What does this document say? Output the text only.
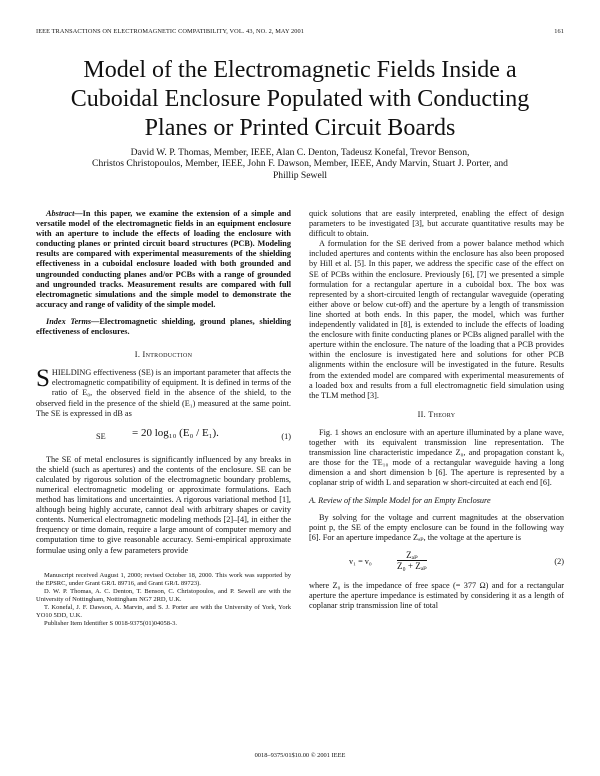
IEEE TRANSACTIONS ON ELECTROMAGNETIC COMPATIBILITY, VOL. 43, NO. 2, MAY 2001	161
Model of the Electromagnetic Fields Inside a Cuboidal Enclosure Populated with Conducting Planes or Printed Circuit Boards
David W. P. Thomas, Member, IEEE, Alan C. Denton, Tadeusz Konefal, Trevor Benson,
Christos Christopoulos, Member, IEEE, John F. Dawson, Member, IEEE, Andy Marvin, Stuart J. Porter, and
Phillip Sewell

Abstract—In this paper, we examine the extension of a simple and versatile model of the electromagnetic fields in an equipment enclosure with an aperture to include the effects of loading the enclosure with conducting planes or printed circuit board structures (PCB). Modeling results are compared with experimental measurements of the shielding effectiveness in a cuboidal enclosure loaded with both grounded and ungrounded conducting planes and/or PCBs with a range of grounded and ungrounded tracks. Measurement results are compared with full electromagnetic simulations and the simple model to demonstrate the accuracy and range of validity of the simple model.

Index Terms—Electromagnetic shielding, ground planes, shielding effectiveness of enclosures.

I. Introduction

SHIELDING effectiveness (SE) is an important parameter that affects the electromagnetic compatibility of equipment. It is defined in terms of the ratio of E₀, the observed field in the absence of the shield, to the observed field in the presence of the shield (E₁) measured at the same point. The SE is expressed in dB as

SE = 20 log₁₀ (E₀ / E₁).	(1)

The SE of metal enclosures is significantly influenced by any breaks in the shield (such as apertures) and the contents of the enclosure. SE can be calculated by rigorous solution of the electromagnetic boundary problems, numerical electromagnetic modeling or approximate formulations. Each method has limitations and uncertainties. A rigorous variational method [1], although being highly accurate, cannot deal with arbitrary shapes or cavity contents. Numerical electromagnetic modeling methods [2]–[4], in either the frequency or time domain, require a large amount of computer memory and computation time to give reasonable accuracy. Semi-empirical approximate formulae using only a few parameters provide

Manuscript received August 1, 2000; revised October 18, 2000. This work was supported by the EPSRC, under Grant GR/L 89716, and Grant GR/L 89723).

D. W. P. Thomas, A. C. Denton, T. Benson, C. Christopoulos, and P. Sewell are with the University of Nottingham, Nottingham NG7 2RD, U.K.

T. Konefal, J. F. Dawson, A. Marvin, and S. J. Porter are with the University of York, York YO10 5DD, U.K.

Publisher Item Identifier S 0018-9375(01)04058-3.

quick solutions that are easily interpreted, enabling the effect of design parameters to be investigated [3], but accurate quantitative results may be difficult to obtain.

A formulation for the SE derived from a power balance method which included apertures and contents within the enclosure has also been proposed by Hill et al. [5]. In this paper, we address the specific case of the effect on SE of PCBs within the enclosure. Previously [6], [7] we presented a simple formulation for a rectangular aperture in a cuboidal box. The box was represented by a short-circuited length of rectangular waveguide (operating either above or below cut-off) and the aperture by a length of transmission line shorted at both ends. In this paper, the model, which was further independently validated in [8], is extended to include the effects of loading the enclosure with finite conducting planes or PCBs aligned parallel with the aperture within the enclosure. The nature of the loading that a PCB provides within the enclosure is investigated here and solutions for other PCB alignments within the enclosure will be investigated in the future. Results from the extended model are compared with experimental measurements of a loaded box and results from a full electromagnetic field simulation using the TLM method [3].

II. Theory

Fig. 1 shows an enclosure with an aperture illuminated by a plane wave, together with its equivalent transmission line representation. The transmission line characteristic impedance Z₀, and propagation constant k₀ are those for the TE₁₀ mode of a rectangular waveguide having a long dimension a and short dimension b [6]. The aperture is represented by a coplanar strip of width L and separation w short-circuited at each end [6].

A. Review of the Simple Model for an Empty Enclosure

By solving for the voltage and current magnitudes at the observation point p, the SE of the empty enclosure can be found in the following way [6]. For an aperture impedance Zₐₚ, the voltage at the aperture is

v₁ = v₀
Zₐₚ
Z₀ + Zₐₚ	(2)

where Z₀ is the impedance of free space (= 377 Ω) and for a rectangular aperture the aperture impedance is estimated by considering it as a length of coplanar strip transmission line of total

0018–9375/01$10.00 © 2001 IEEE
